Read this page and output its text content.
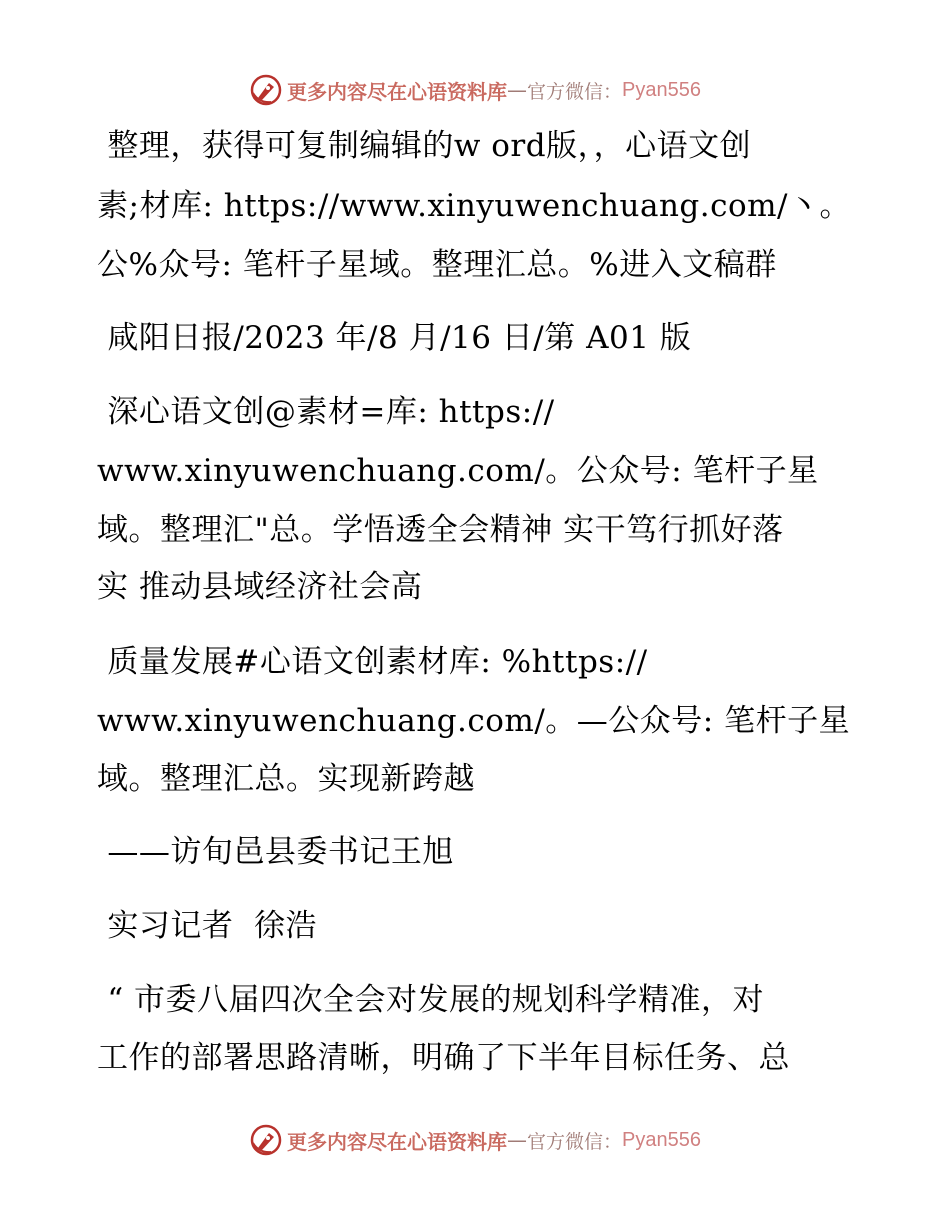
更多内容尽在心语资料库 — 官方微信： Pyan556
整理，获得可复制编辑的w ord版，，心语文创
素;材库: https://www.xinyuwenchuang.com/丶。
公%众号: 笔杆子星域。整理汇总。%进入文稿群
咸阳日报/2023 年/8 月/16 日/第 A01 版
深心语文创@素材=库: https://
www.xinyuwenchuang.com/。公众号: 笔杆子星
域。整理汇"总。学悟透全会精神 实干笃行抓好落
实 推动县域经济社会高
质量发展#心语文创素材库: %https://
www.xinyuwenchuang.com/。—公众号: 笔杆子星
域。整理汇总。实现新跨越
——访旬邑县委书记王旭
实习记者  徐浩
“ 市委八届四次全会对发展的规划科学精准，对
工作的部署思路清晰，明确了下半年目标任务、总
更多内容尽在心语资料库 — 官方微信： Pyan556
